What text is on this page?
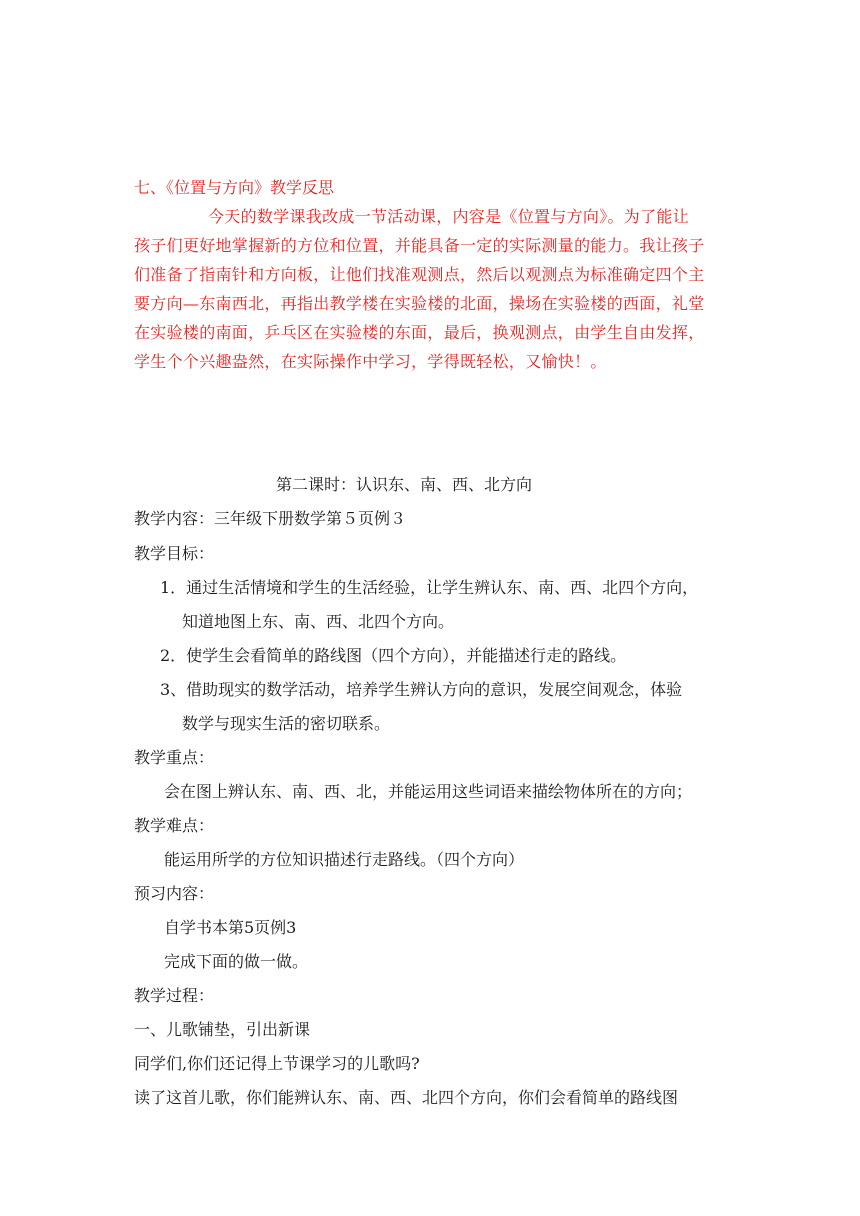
七、《位置与方向》教学反思
今天的数学课我改成一节活动课，内容是《位置与方向》。为了能让
孩子们更好地掌握新的方位和位置，并能具备一定的实际测量的能力。我让孩子
们准备了指南针和方向板，让他们找准观测点，然后以观测点为标准确定四个主
要方向—东南西北，再指出教学楼在实验楼的北面，操场在实验楼的西面，礼堂
在实验楼的南面，乒乓区在实验楼的东面，最后，换观测点，由学生自由发挥，
学生个个兴趣盎然，在实际操作中学习，学得既轻松，又愉快！。
第二课时：认识东、南、西、北方向
教学内容：三年级下册数学第５页例３
教学目标：
1．通过生活情境和学生的生活经验，让学生辨认东、南、西、北四个方向，
知道地图上东、南、西、北四个方向。
2．使学生会看简单的路线图（四个方向），并能描述行走的路线。
3、借助现实的数学活动，培养学生辨认方向的意识，发展空间观念，体验
数学与现实生活的密切联系。
教学重点：
会在图上辨认东、南、西、北，并能运用这些词语来描绘物体所在的方向；
教学难点：
能运用所学的方位知识描述行走路线。（四个方向）
预习内容：
自学书本第5页例3
完成下面的做一做。
教学过程：
一、儿歌铺垫，引出新课
同学们,你们还记得上节课学习的儿歌吗?
读了这首儿歌，你们能辨认东、南、西、北四个方向，你们会看简单的路线图
